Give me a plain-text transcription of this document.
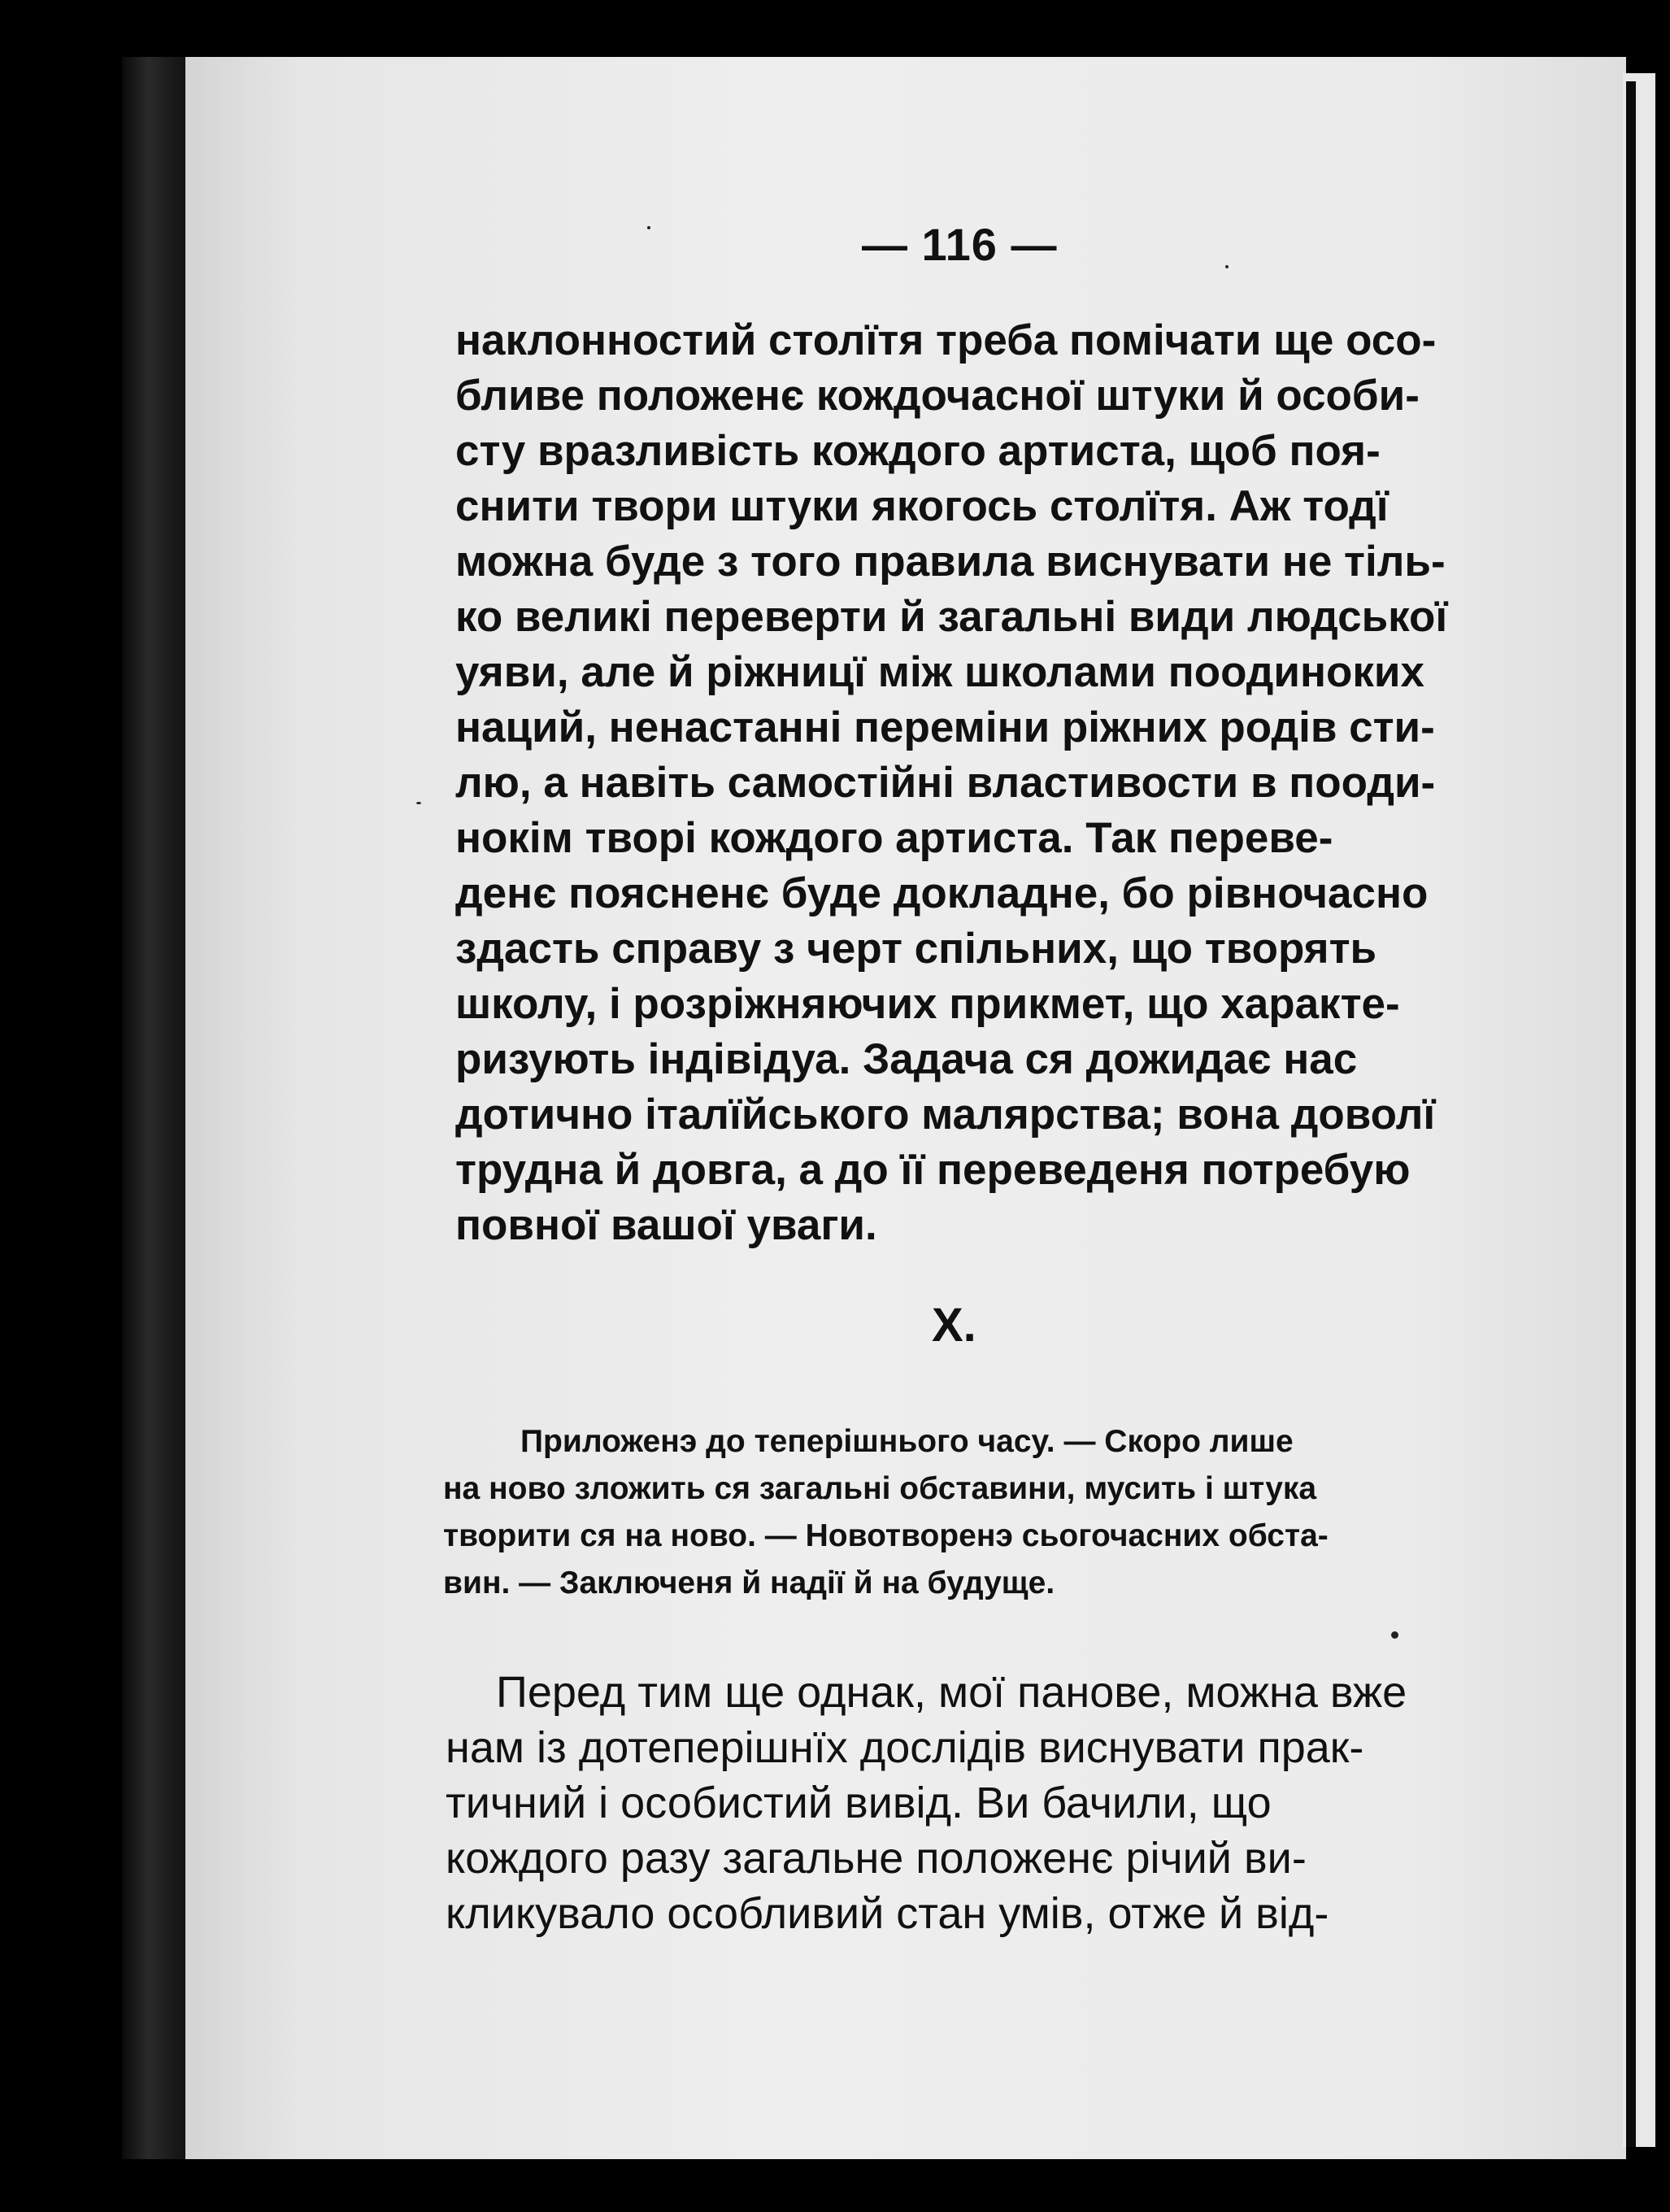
— 116 —
наклонностий столїтя треба помічати ще осо-
бливе положенє кождочасної штуки й особи-
сту вразливість кождого артиста, щоб поя-
снити твори штуки якогось столїтя. Аж тодї
можна буде з того правила виснувати не тіль-
ко великі переверти й загальні види людської
уяви, але й ріжницї між школами поодиноких
наций, ненастанні переміни ріжних родів сти-
лю, а навіть самостійні властивости в пооди-
нокім творі кождого артиста. Так переве-
денє поясненє буде докладне, бо рівночасно
здасть справу з черт спільних, що творять
школу, і розріжняючих прикмет, що характе-
ризують індівідуа. Задача ся дожидає нас
дотично італїйського малярства; вона доволї
трудна й довга, а до її переведеня потребую
повної вашої уваги.
X.
Приложенэ до теперішнього часу. — Скоро лише
на ново зложить ся загальні обставини, мусить і штука
творити ся на ново. — Новотворенэ сьогочасних обста-
вин. — Заключеня й надії й на будуще.
Перед тим ще однак, мої панове, можна вже
нам із дотеперішнїх дослідів виснувати прак-
тичний і особистий вивід. Ви бачили, що
кождого разу загальне положенє річий ви-
кликувало особливий стан умів, отже й від-
